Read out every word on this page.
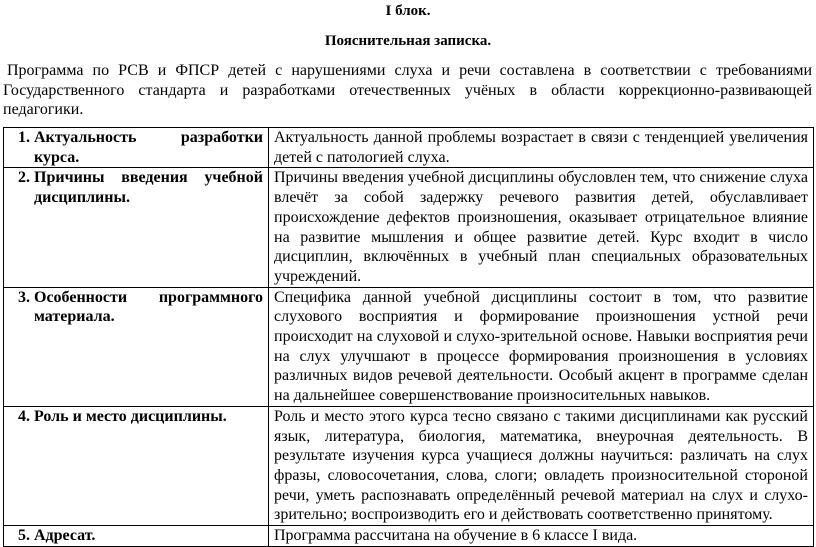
I блок.
Пояснительная записка.
Программа по РСВ и ФПСР детей с нарушениями слуха и речи составлена в соответствии с требованиями Государственного стандарта и разработками отечественных учёных в области коррекционно-развивающей педагогики.
1. Актуальность разработки курса.	Актуальность данной проблемы возрастает в связи с тенденцией увеличения детей с патологией слуха.

2. Причины введения учебной дисциплины.	Причины введения учебной дисциплины обусловлен тем, что снижение слуха влечёт за собой задержку речевого развития детей, обуславливает происхождение дефектов произношения, оказывает отрицательное влияние на развитие мышления и общее развитие детей. Курс входит в число дисциплин, включённых в учебный план специальных образовательных учреждений.

3. Особенности программного материала.	Специфика данной учебной дисциплины состоит в том, что развитие слухового восприятия и формирование произношения устной речи происходит на слуховой и слухо-зрительной основе. Навыки восприятия речи на слух улучшают в процессе формирования произношения в условиях различных видов речевой деятельности. Особый акцент в программе сделан на дальнейшее совершенствование произносительных навыков.

4. Роль и место дисциплины.	Роль и место этого курса тесно связано с такими дисциплинами как русский язык, литература, биология, математика, внеурочная деятельность. В результате изучения курса учащиеся должны научиться: различать на слух фразы, словосочетания, слова, слоги; овладеть произносительной стороной речи, уметь распознавать определённый речевой материал на слух и слухо-зрительно; воспроизводить его и действовать соответственно принятому.

5. Адресат.	Программа рассчитана на обучение в 6 классе I вида.
